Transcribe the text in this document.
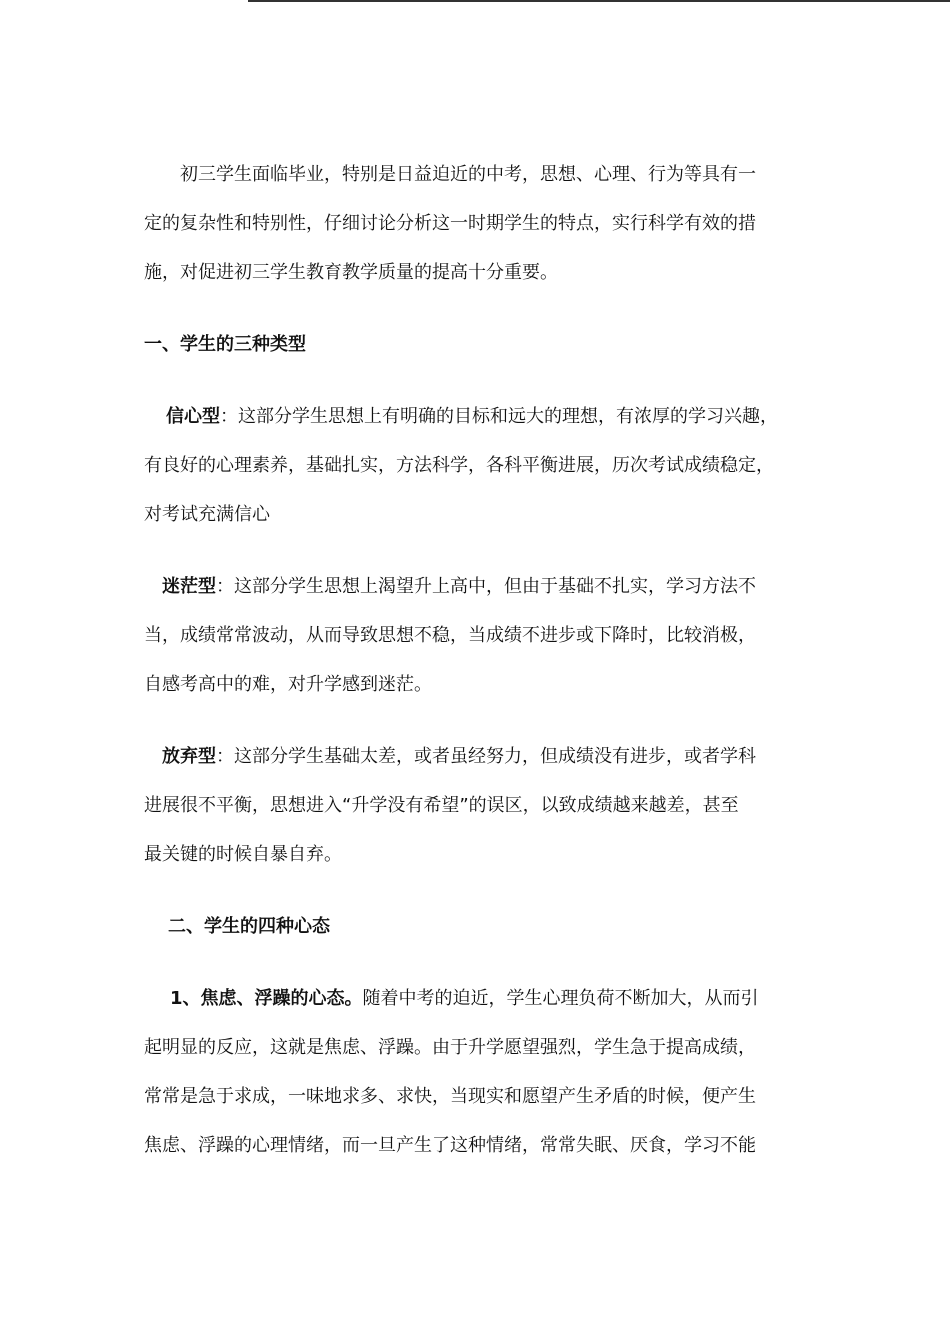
初三学生面临毕业，特别是日益迫近的中考，思想、心理、行为等具有一

定的复杂性和特别性，仔细讨论分析这一时期学生的特点，实行科学有效的措

施，对促进初三学生教育教学质量的提高十分重要。

一、学生的三种类型

信心型：这部分学生思想上有明确的目标和远大的理想，有浓厚的学习兴趣，

有良好的心理素养，基础扎实，方法科学，各科平衡进展，历次考试成绩稳定，

对考试充满信心

迷茫型：这部分学生思想上渴望升上高中，但由于基础不扎实，学习方法不

当，成绩常常波动，从而导致思想不稳，当成绩不进步或下降时，比较消极，

自感考高中的难，对升学感到迷茫。

放弃型：这部分学生基础太差，或者虽经努力，但成绩没有进步，或者学科

进展很不平衡，思想进入“升学没有希望”的误区，以致成绩越来越差，甚至

最关键的时候自暴自弃。

二、学生的四种心态

1、焦虑、浮躁的心态。随着中考的迫近，学生心理负荷不断加大，从而引

起明显的反应，这就是焦虑、浮躁。由于升学愿望强烈，学生急于提高成绩，

常常是急于求成，一味地求多、求快，当现实和愿望产生矛盾的时候，便产生

焦虑、浮躁的心理情绪，而一旦产生了这种情绪，常常失眠、厌食，学习不能
